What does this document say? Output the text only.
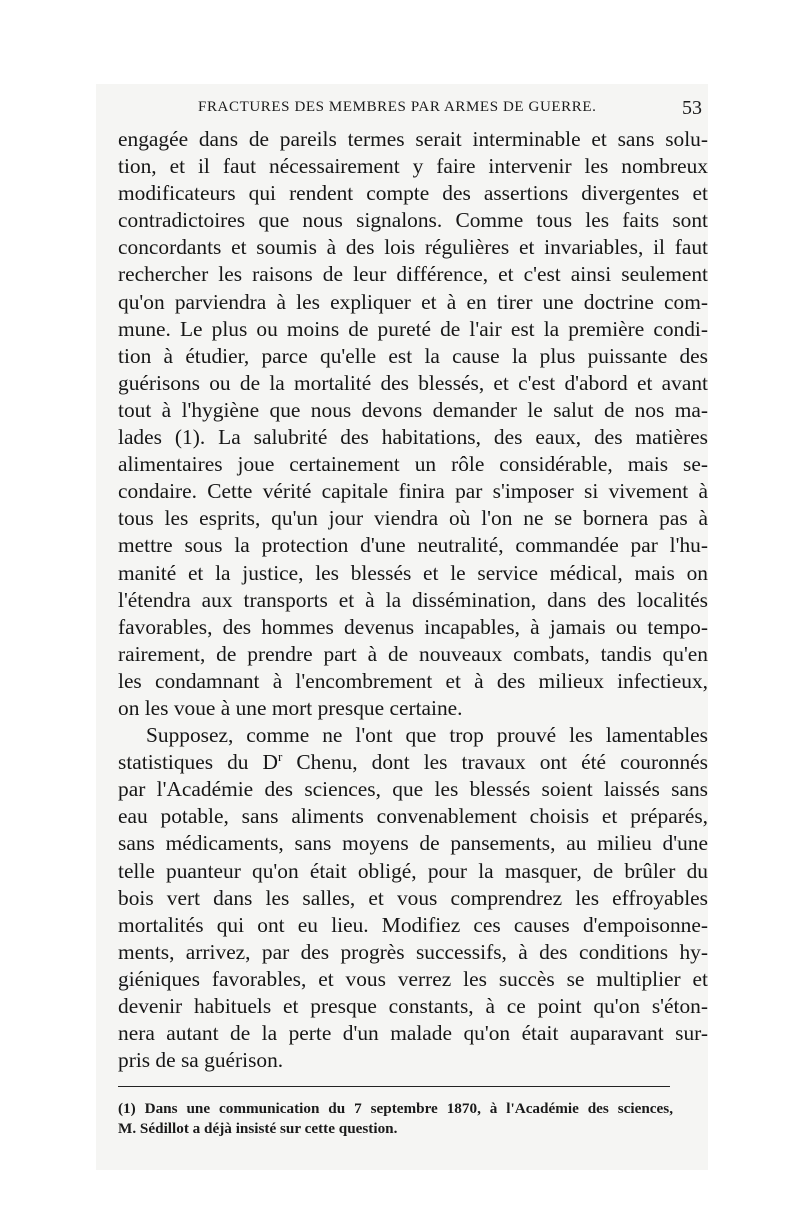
FRACTURES DES MEMBRES PAR ARMES DE GUERRE.	53
engagée dans de pareils termes serait interminable et sans solu-
tion, et il faut nécessairement y faire intervenir les nombreux
modificateurs qui rendent compte des assertions divergentes et
contradictoires que nous signalons. Comme tous les faits sont
concordants et soumis à des lois régulières et invariables, il faut
rechercher les raisons de leur différence, et c'est ainsi seulement
qu'on parviendra à les expliquer et à en tirer une doctrine com-
mune. Le plus ou moins de pureté de l'air est la première condi-
tion à étudier, parce qu'elle est la cause la plus puissante des
guérisons ou de la mortalité des blessés, et c'est d'abord et avant
tout à l'hygiène que nous devons demander le salut de nos ma-
lades (1). La salubrité des habitations, des eaux, des matières
alimentaires joue certainement un rôle considérable, mais se-
condaire. Cette vérité capitale finira par s'imposer si vivement à
tous les esprits, qu'un jour viendra où l'on ne se bornera pas à
mettre sous la protection d'une neutralité, commandée par l'hu-
manité et la justice, les blessés et le service médical, mais on
l'étendra aux transports et à la dissémination, dans des localités
favorables, des hommes devenus incapables, à jamais ou tempo-
rairement, de prendre part à de nouveaux combats, tandis qu'en
les condamnant à l'encombrement et à des milieux infectieux,
on les voue à une mort presque certaine.
Supposez, comme ne l'ont que trop prouvé les lamentables
statistiques du $D^r$ Chenu, dont les travaux ont été couronnés
par l'Académie des sciences, que les blessés soient laissés sans
eau potable, sans aliments convenablement choisis et préparés,
sans médicaments, sans moyens de pansements, au milieu d'une
telle puanteur qu'on était obligé, pour la masquer, de brûler du
bois vert dans les salles, et vous comprendrez les effroyables
mortalités qui ont eu lieu. Modifiez ces causes d'empoisonne-
ments, arrivez, par des progrès successifs, à des conditions hy-
giéniques favorables, et vous verrez les succès se multiplier et
devenir habituels et presque constants, à ce point qu'on s'éton-
nera autant de la perte d'un malade qu'on était auparavant sur-
pris de sa guérison.
(1) Dans une communication du 7 septembre 1870, à l'Académie des sciences,
M. Sédillot a déjà insisté sur cette question.
